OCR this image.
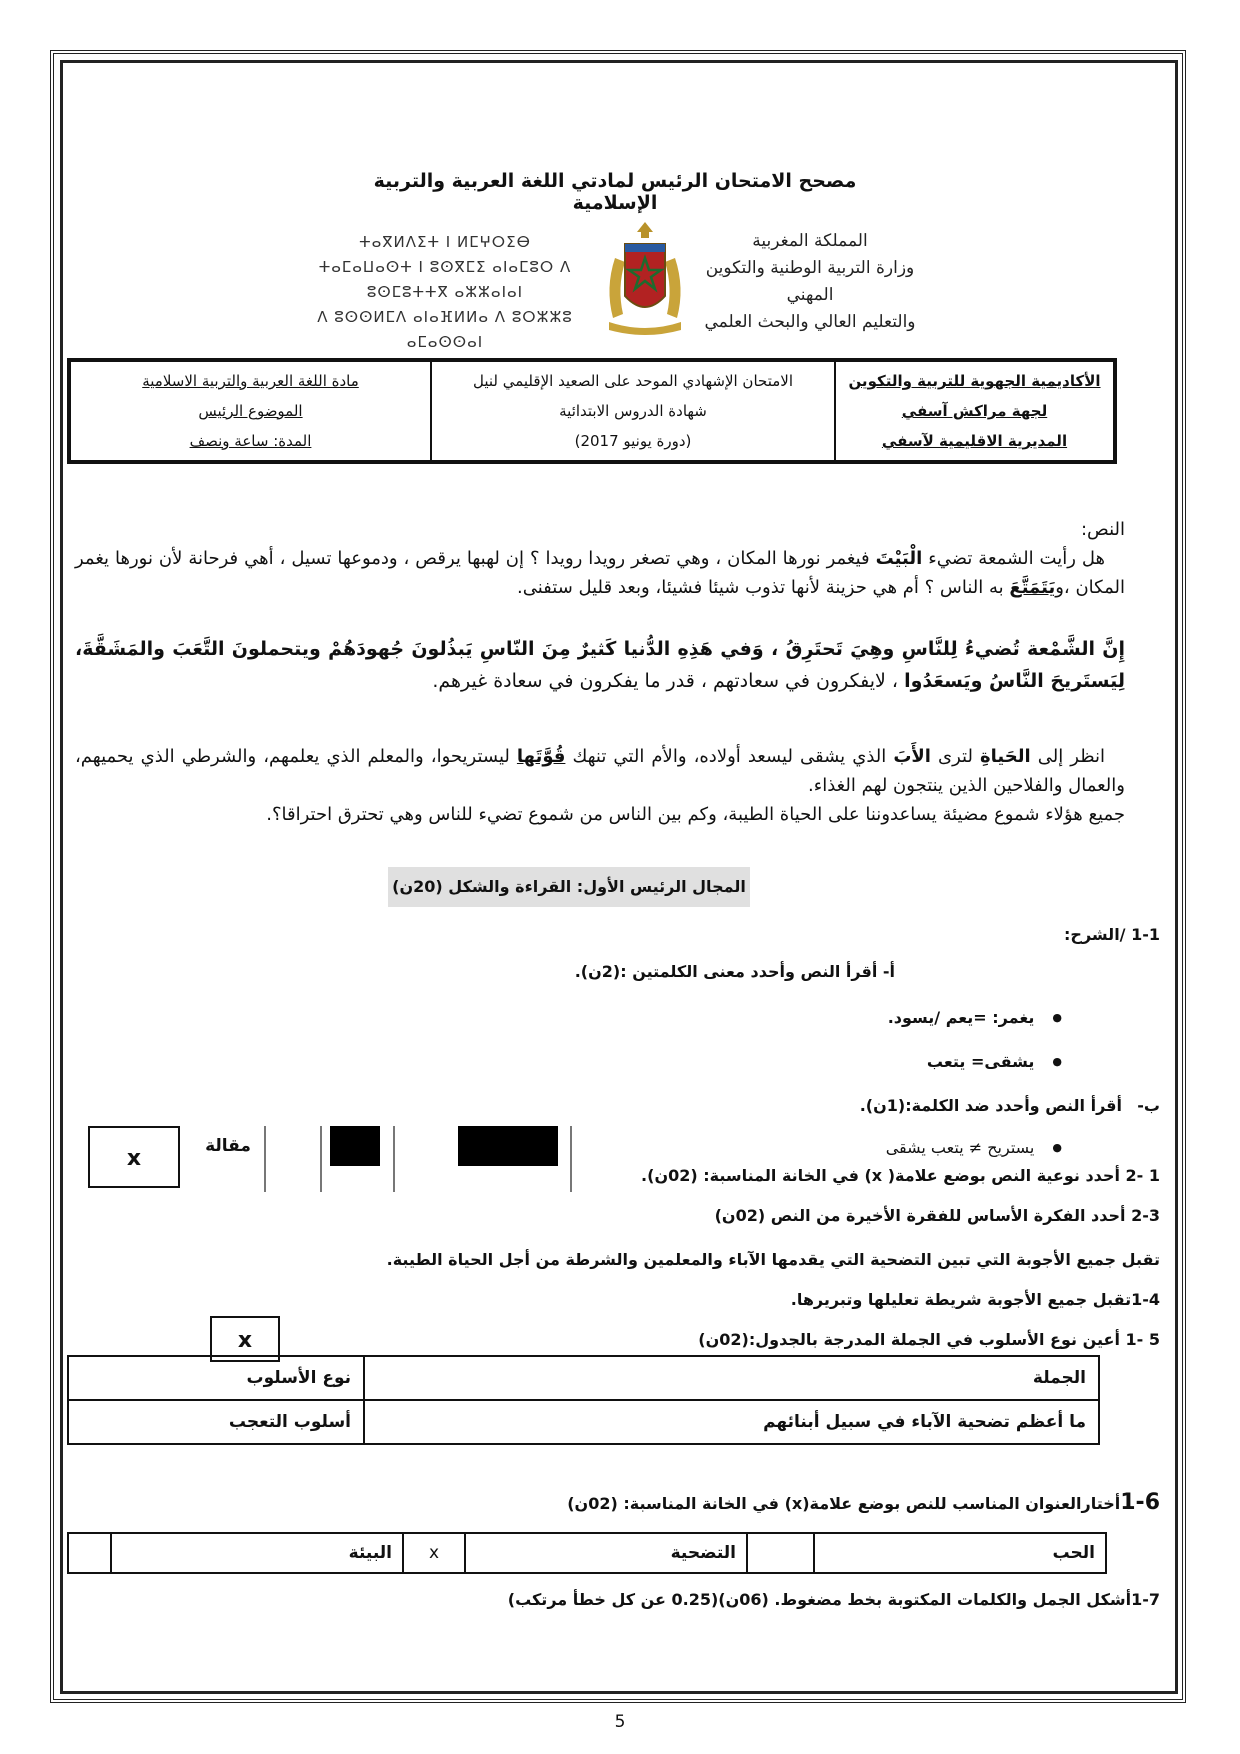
مصحح الامتحان الرئيس لمادتي اللغة العربية والتربية الإسلامية
المملكة المغربية
وزارة التربية الوطنية والتكوين المهني
والتعليم العالي والبحث العلمي
ⵜⴰⴳⵍⴷⵉⵜ ⵏ ⵍⵎⵖⵔⵉⴱ
ⵜⴰⵎⴰⵡⴰⵙⵜ ⵏ ⵓⵙⴳⵎⵉ ⴰⵏⴰⵎⵓⵔ ⴷ ⵓⵙⵎⵓⵜⵜⴳ ⴰⵣⵣⴰⵏⴰⵏ
ⴷ ⵓⵙⵙⵍⵎⴷ ⴰⵏⴰⴼⵍⵍⴰ ⴷ ⵓⵔⵣⵣⵓ ⴰⵎⴰⵙⵙⴰⵏ
الأكاديمية الجهوية للتربية والتكوين
لجهة مراكش آسفي
المديرية الاقليمية لآسفي

الامتحان الإشهادي الموحد على الصعيد الإقليمي لنيل
شهادة الدروس الابتدائية
(دورة يونيو 2017)

مادة اللغة العربية والتربية الاسلامية
الموضوع الرئيس
المدة: ساعة ونصف
النص:
هل رأيت الشمعة تضيء الْبَيْتَ فيغمر نورها المكان ، وهي تصغر رويدا رويدا ؟ إن لهبها يرقص ، ودموعها تسيل ، أهي فرحانة لأن نورها يغمر المكان ،ويَتَمَتَّعَ به الناس ؟ أم هي حزينة لأنها تذوب شيئا فشيئا، وبعد قليل ستفنى.
إِنَّ الشَّمْعة تُضيءُ لِلنَّاسِ وهِيَ تَحتَرِقُ ، وَفي هَذِهِ الدُّنيا كَثيرٌ مِنَ النّاسِ يَبذُلونَ جُهودَهُمْ ويتحملونَ التَّعَبَ والمَشَقَّةَ، لِيَستَريحَ النَّاسُ ويَسعَدُوا ، لايفكرون في سعادتهم ، قدر ما يفكرون في سعادة غيرهم.
انظر إلى الحَياةِ لترى الأَبَ الذي يشقى ليسعد أولاده، والأم التي تنهك قُوَّتَها ليستريحوا، والمعلم الذي يعلمهم، والشرطي الذي يحميهم، والعمال والفلاحين الذين ينتجون لهم الغذاء.
جميع هؤلاء شموع مضيئة يساعدوننا على الحياة الطيبة، وكم بين الناس من شموع تضيء للناس وهي تحترق احتراقا؟.
المجال الرئيس الأول: القراءة والشكل (20ن)
1-1 /الشرح:
أ- أقرأ النص وأحدد معنى الكلمتين :(2ن).
● يغمر: =يعم /يسود.
● يشقى= يتعب
ب-   أقرأ النص وأحدد ضد الكلمة:(1ن).
● يستريح ≠ يتعب يشقى
x	مقالة
1 -2 أحدد نوعية النص بوضع علامة( x) في الخانة المناسبة: (02ن).
2-3 أحدد الفكرة الأساس للفقرة الأخيرة من النص (02ن)
تقبل جميع الأجوبة التي تبين التضحية التي يقدمها الآباء والمعلمين والشرطة من أجل الحياة الطيبة.
1-4تقبل جميع الأجوبة شريطة تعليلها وتبريرها.
5 -1 أعين نوع الأسلوب في الجملة المدرجة بالجدول:(02ن)
x
الجملة	نوع الأسلوب
ما أعظم تضحية الآباء في سبيل أبنائهم	أسلوب التعجب
1-6أختارالعنوان المناسب للنص بوضع علامة(x) في الخانة المناسبة: (02ن)
الحب		التضحية	x	البيئة	
1-7أشكل الجمل والكلمات المكتوبة بخط مضغوط. (06ن)(0.25 عن كل خطأ مرتكب)
5
